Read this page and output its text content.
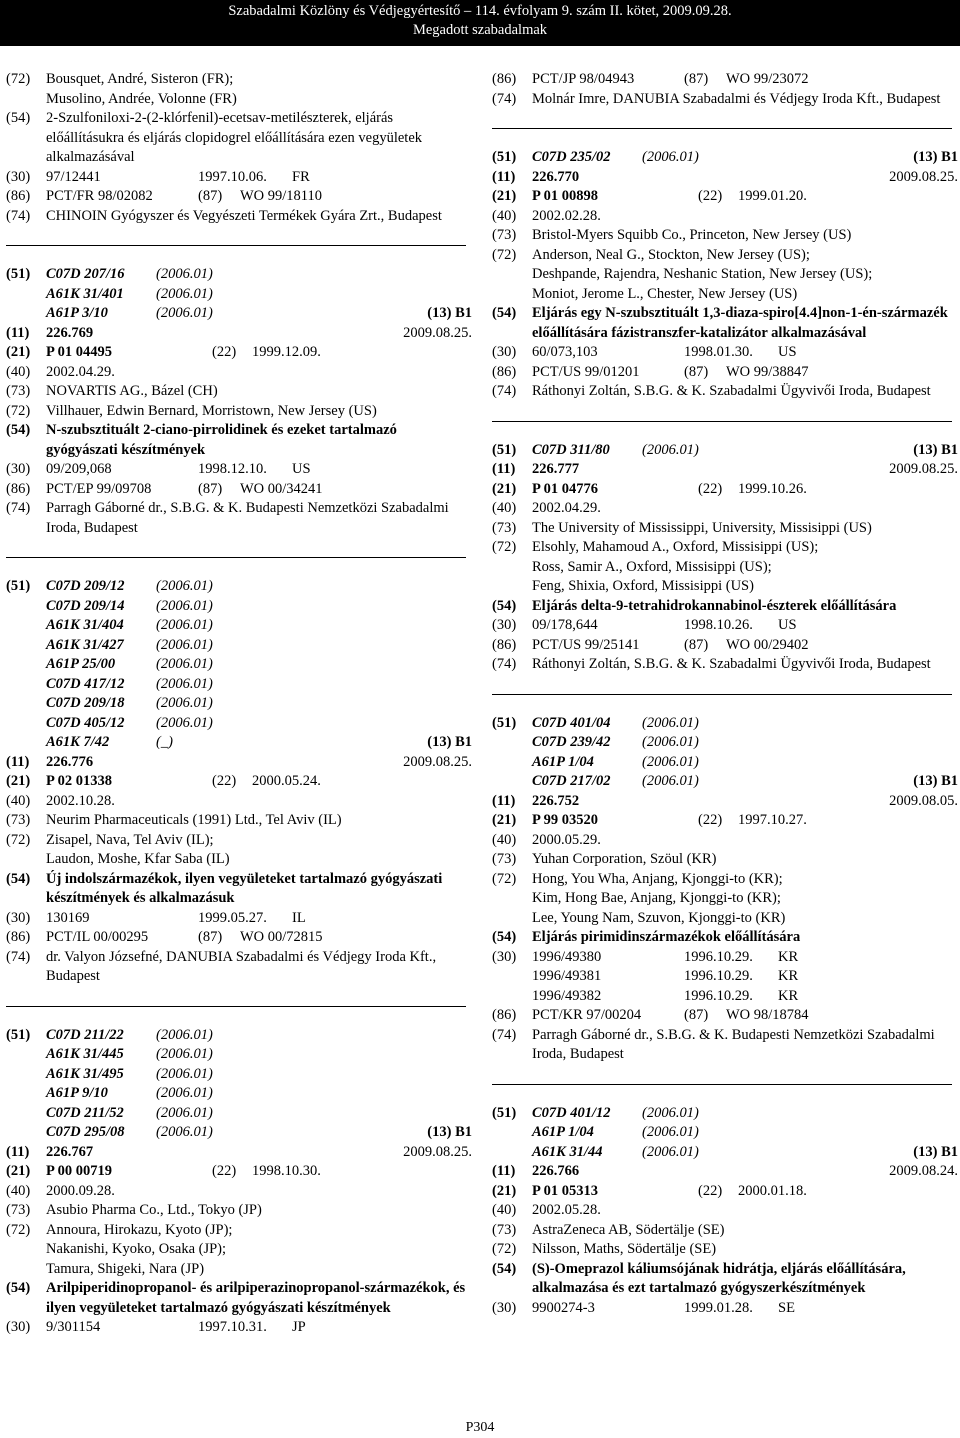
Szabadalmi Közlöny és Védjegyértesítő – 114. évfolyam 9. szám II. kötet, 2009.09.28.
Megadott szabadalmak
(72)	Bousquet, André, Sisteron (FR);
Musolino, Andrée, Volonne (FR)
(54)	2-Szulfoniloxi-2-(2-klórfenil)-ecetsav-metilészterek, eljárás előállításukra és eljárás clopidogrel előállítására ezen vegyületek alkalmazásával
(30)	97/12441	1997.10.06.	FR
(86)	PCT/FR 98/02082	(87)	WO 99/18110
(74)	CHINOIN Gyógyszer és Vegyészeti Termékek Gyára Zrt., Budapest
(51)	C07D 207/16	(2006.01)
A61K 31/401	(2006.01)
A61P 3/10	(2006.01)	(13) B1
(11)	226.769	2009.08.25.
(21)	P 01 04495	(22)	1999.12.09.
(40)	2002.04.29.
(73)	NOVARTIS AG., Bázel (CH)
(72)	Villhauer, Edwin Bernard, Morristown, New Jersey (US)
(54)	N-szubsztituált 2-ciano-pirrolidinek és ezeket tartalmazó gyógyászati készítmények
(30)	09/209,068	1998.12.10.	US
(86)	PCT/EP 99/09708	(87)	WO 00/34241
(74)	Parragh Gáborné dr., S.B.G. & K. Budapesti Nemzetközi Szabadalmi Iroda, Budapest
(51)	C07D 209/12	(2006.01)
C07D 209/14	(2006.01)
A61K 31/404	(2006.01)
A61K 31/427	(2006.01)
A61P 25/00	(2006.01)
C07D 417/12	(2006.01)
C07D 209/18	(2006.01)
C07D 405/12	(2006.01)
A61K 7/42	(_)	(13) B1
(11)	226.776	2009.08.25.
(21)	P 02 01338	(22)	2000.05.24.
(40)	2002.10.28.
(73)	Neurim Pharmaceuticals (1991) Ltd., Tel Aviv (IL)
(72)	Zisapel, Nava, Tel Aviv (IL);
Laudon, Moshe, Kfar Saba (IL)
(54)	Új indolszármazékok, ilyen vegyületeket tartalmazó gyógyászati készítmények és alkalmazásuk
(30)	130169	1999.05.27.	IL
(86)	PCT/IL 00/00295	(87)	WO 00/72815
(74)	dr. Valyon Józsefné, DANUBIA Szabadalmi és Védjegy Iroda Kft., Budapest
(51)	C07D 211/22	(2006.01)
A61K 31/445	(2006.01)
A61K 31/495	(2006.01)
A61P 9/10	(2006.01)
C07D 211/52	(2006.01)
C07D 295/08	(2006.01)	(13) B1
(11)	226.767	2009.08.25.
(21)	P 00 00719	(22)	1998.10.30.
(40)	2000.09.28.
(73)	Asubio Pharma Co., Ltd., Tokyo (JP)
(72)	Annoura, Hirokazu, Kyoto (JP);
Nakanishi, Kyoko, Osaka (JP);
Tamura, Shigeki, Nara (JP)
(54)	Arilpiperidinopropanol- és arilpiperazinopropanol-származékok, és ilyen vegyületeket tartalmazó gyógyászati készítmények
(30)	9/301154	1997.10.31.	JP
(86)	PCT/JP 98/04943	(87)	WO 99/23072
(74)	Molnár Imre, DANUBIA Szabadalmi és Védjegy Iroda Kft., Budapest
(51)	C07D 235/02	(2006.01)	(13) B1
(11)	226.770	2009.08.25.
(21)	P 01 00898	(22)	1999.01.20.
(40)	2002.02.28.
(73)	Bristol-Myers Squibb Co., Princeton, New Jersey (US)
(72)	Anderson, Neal G., Stockton, New Jersey (US);
Deshpande, Rajendra, Neshanic Station, New Jersey (US);
Moniot, Jerome L., Chester, New Jersey (US)
(54)	Eljárás egy N-szubsztituált 1,3-diaza-spiro[4.4]non-1-én-származék előállítására fázistranszfer-katalizátor alkalmazásával
(30)	60/073,103	1998.01.30.	US
(86)	PCT/US 99/01201	(87)	WO 99/38847
(74)	Ráthonyi Zoltán, S.B.G. & K. Szabadalmi Ügyvivői Iroda, Budapest
(51)	C07D 311/80	(2006.01)	(13) B1
(11)	226.777	2009.08.25.
(21)	P 01 04776	(22)	1999.10.26.
(40)	2002.04.29.
(73)	The University of Mississippi, University, Missisippi (US)
(72)	Elsohly, Mahamoud A., Oxford, Missisippi (US);
Ross, Samir A., Oxford, Missisippi (US);
Feng, Shixia, Oxford, Missisippi (US)
(54)	Eljárás delta-9-tetrahidrokannabinol-észterek előállítására
(30)	09/178,644	1998.10.26.	US
(86)	PCT/US 99/25141	(87)	WO 00/29402
(74)	Ráthonyi Zoltán, S.B.G. & K. Szabadalmi Ügyvivői Iroda, Budapest
(51)	C07D 401/04	(2006.01)
C07D 239/42	(2006.01)
A61P 1/04	(2006.01)
C07D 217/02	(2006.01)	(13) B1
(11)	226.752	2009.08.05.
(21)	P 99 03520	(22)	1997.10.27.
(40)	2000.05.29.
(73)	Yuhan Corporation, Szöul (KR)
(72)	Hong, You Wha, Anjang, Kjonggi-to (KR);
Kim, Hong Bae, Anjang, Kjonggi-to (KR);
Lee, Young Nam, Szuvon, Kjonggi-to (KR)
(54)	Eljárás pirimidinszármazékok előállítására
(30)	1996/49380	1996.10.29.	KR
1996/49381	1996.10.29.	KR
1996/49382	1996.10.29.	KR
(86)	PCT/KR 97/00204	(87)	WO 98/18784
(74)	Parragh Gáborné dr., S.B.G. & K. Budapesti Nemzetközi Szabadalmi Iroda, Budapest
(51)	C07D 401/12	(2006.01)
A61P 1/04	(2006.01)
A61K 31/44	(2006.01)	(13) B1
(11)	226.766	2009.08.24.
(21)	P 01 05313	(22)	2000.01.18.
(40)	2002.05.28.
(73)	AstraZeneca AB, Södertälje (SE)
(72)	Nilsson, Maths, Södertälje (SE)
(54)	(S)-Omeprazol káliumsójának hidrátja, eljárás előállítására, alkalmazása és ezt tartalmazó gyógyszerkészítmények
(30)	9900274-3	1999.01.28.	SE
P304
